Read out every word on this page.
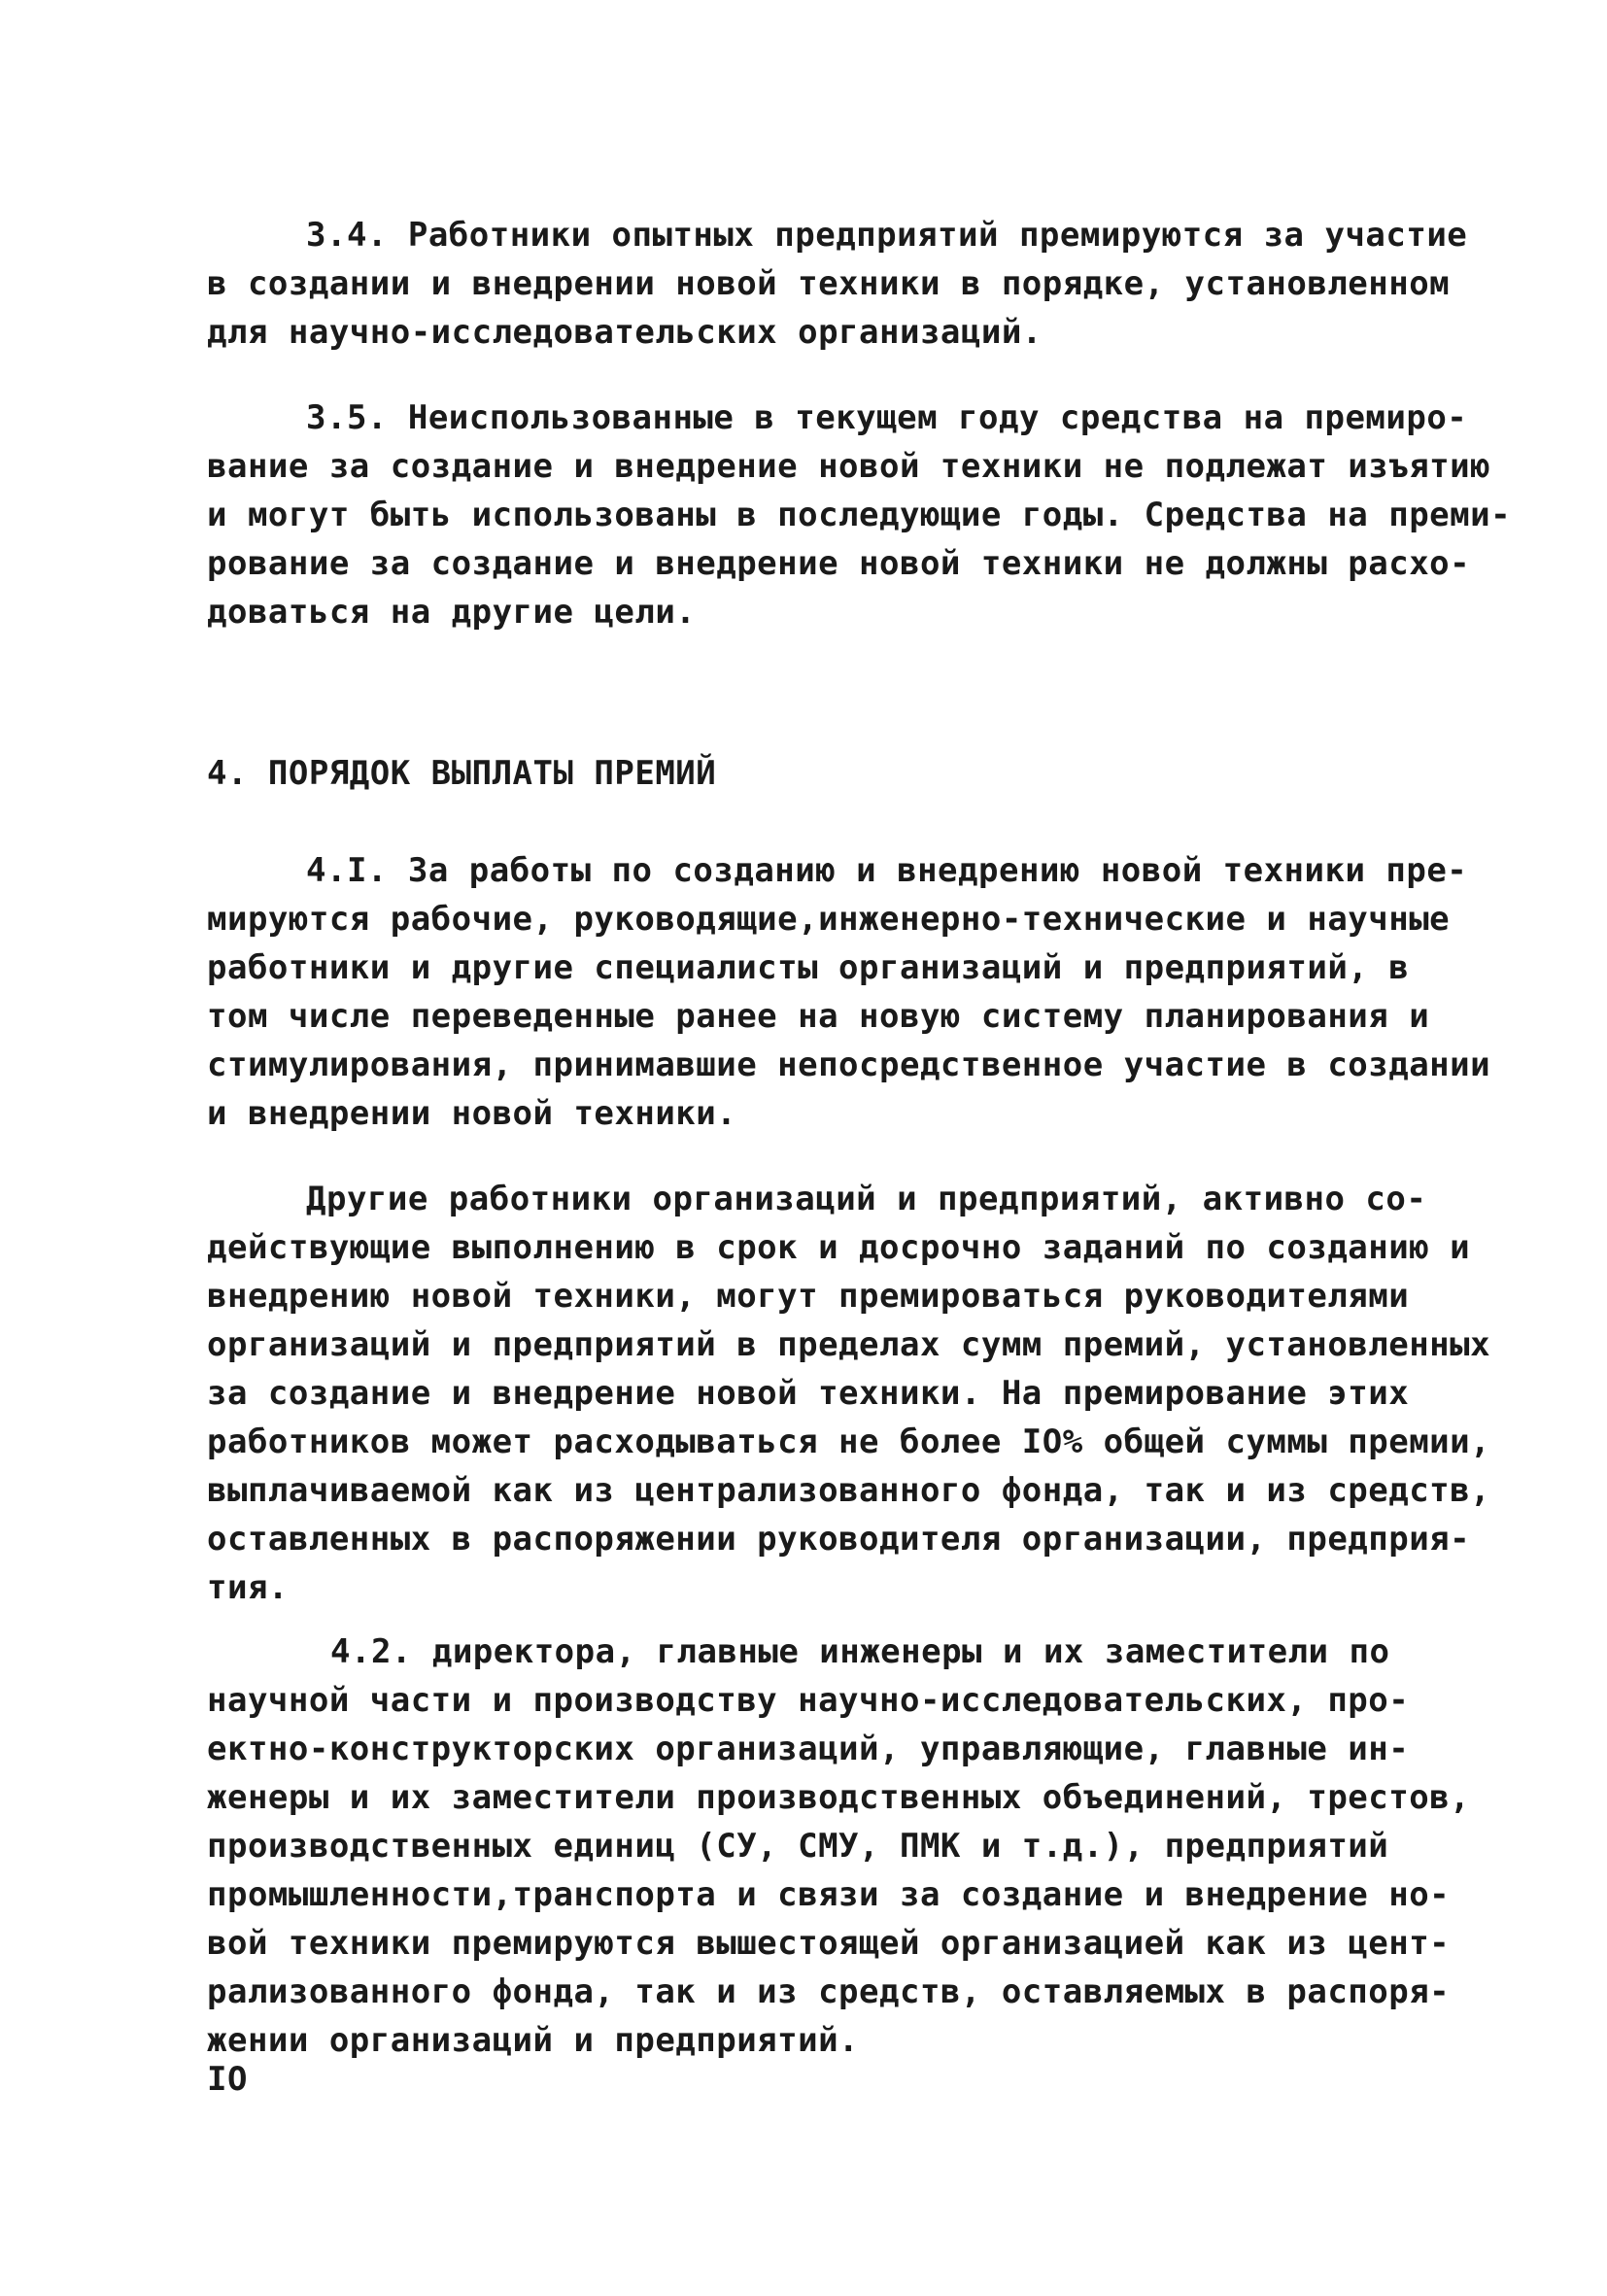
3.4. Работники опытных предприятий премируются за участие
в создании и внедрении новой техники в порядке, установленном
для научно-исследовательских организаций.
3.5. Неиспользованные в текущем году средства на премиро-
вание за создание и внедрение новой техники не подлежат изъятию
и могут быть использованы в последующие годы. Средства на преми-
рование за создание и внедрение новой техники не должны расхо-
доваться на другие цели.
4. ПОРЯДОК ВЫПЛАТЫ ПРЕМИЙ
4.I. За работы по созданию и внедрению новой техники пре-
мируются рабочие, руководящие,инженерно-технические и научные
работники и другие специалисты организаций и предприятий, в
том числе переведенные ранее на новую систему планирования и
стимулирования, принимавшие непосредственное участие в создании
и внедрении новой техники.
Другие работники организаций и предприятий, активно со-
действующие выполнению в срок и досрочно заданий по созданию и
внедрению новой техники, могут премироваться руководителями
организаций и предприятий в пределах сумм премий, установленных
за создание и внедрение новой техники. На премирование этих
работников может расходываться не более IO% общей суммы премии,
выплачиваемой как из централизованного фонда, так и из средств,
оставленных в распоряжении руководителя организации, предприя-
тия.
4.2. директора, главные инженеры и их заместители по
научной части и производству научно-исследовательских, про-
ектно-конструкторских организаций, управляющие, главные ин-
женеры и их заместители производственных объединений, трестов,
производственных единиц (СУ, СМУ, ПМК и т.д.), предприятий
промышленности,транспорта и связи за создание и внедрение но-
вой техники премируются вышестоящей организацией как из цент-
рализованного фонда, так и из средств, оставляемых в распоря-
жении организаций и предприятий.
IO
